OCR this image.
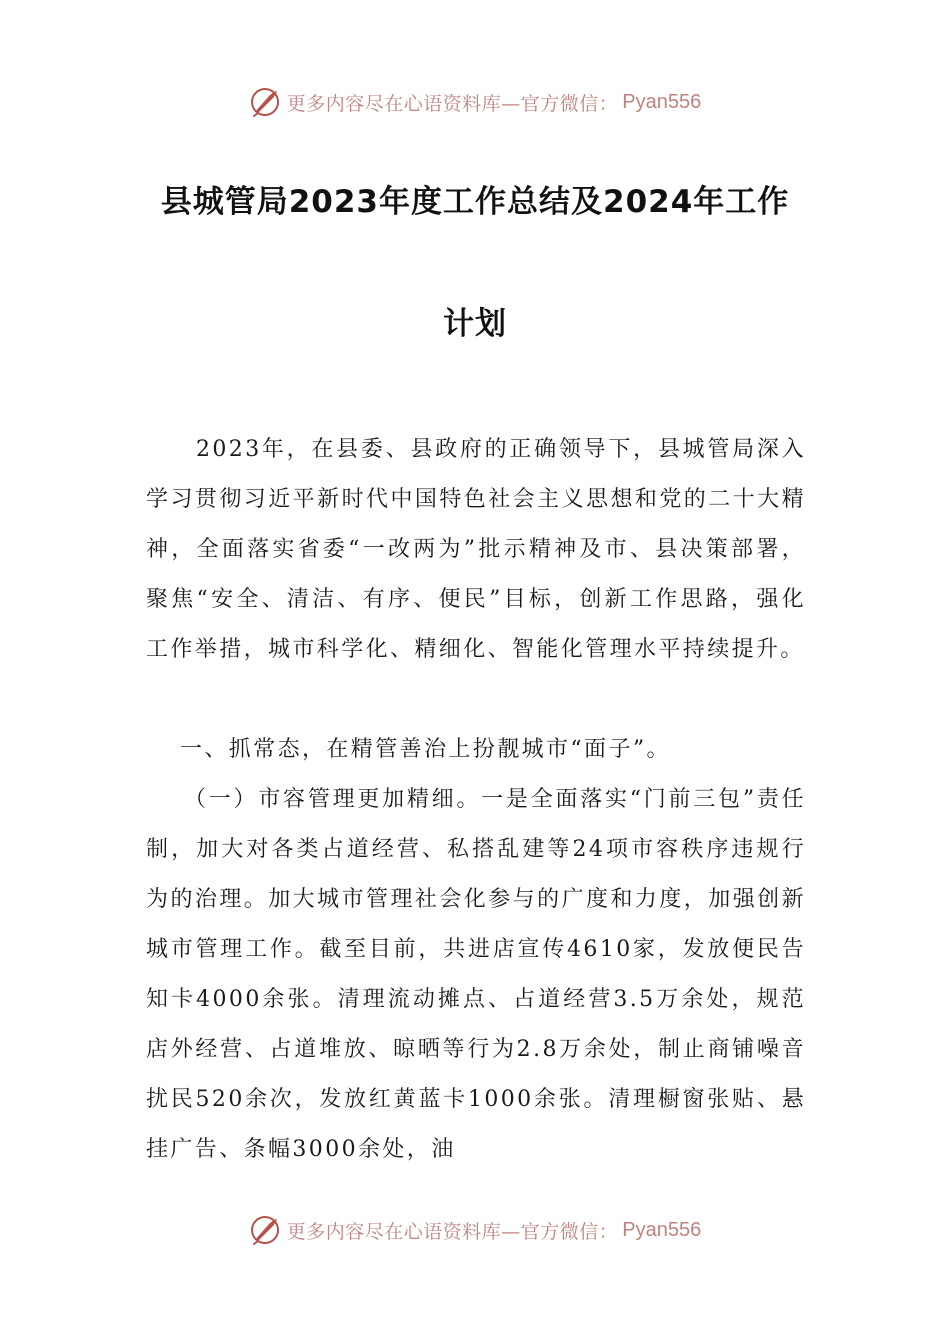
更多内容尽在心语资料库—官方微信： Pyan556
县城管局2023年度工作总结及2024年工作
计划
2023年，在县委、县政府的正确领导下，县城管局深入学习贯彻习近平新时代中国特色社会主义思想和党的二十大精神，全面落实省委“一改两为”批示精神及市、县决策部署，聚焦“安全、清洁、有序、便民”目标，创新工作思路，强化工作举措，城市科学化、精细化、智能化管理水平持续提升。
一、抓常态，在精管善治上扮靓城市“面子”。
（一）市容管理更加精细。一是全面落实“门前三包”责任制，加大对各类占道经营、私搭乱建等24项市容秩序违规行为的治理。加大城市管理社会化参与的广度和力度，加强创新城市管理工作。截至目前，共进店宣传4610家，发放便民告知卡4000余张。清理流动摊点、占道经营3.5万余处，规范店外经营、占道堆放、晾晒等行为2.8万余处，制止商铺噪音扰民520余次，发放红黄蓝卡1000余张。清理橱窗张贴、悬挂广告、条幅3000余处，油
更多内容尽在心语资料库—官方微信： Pyan556
